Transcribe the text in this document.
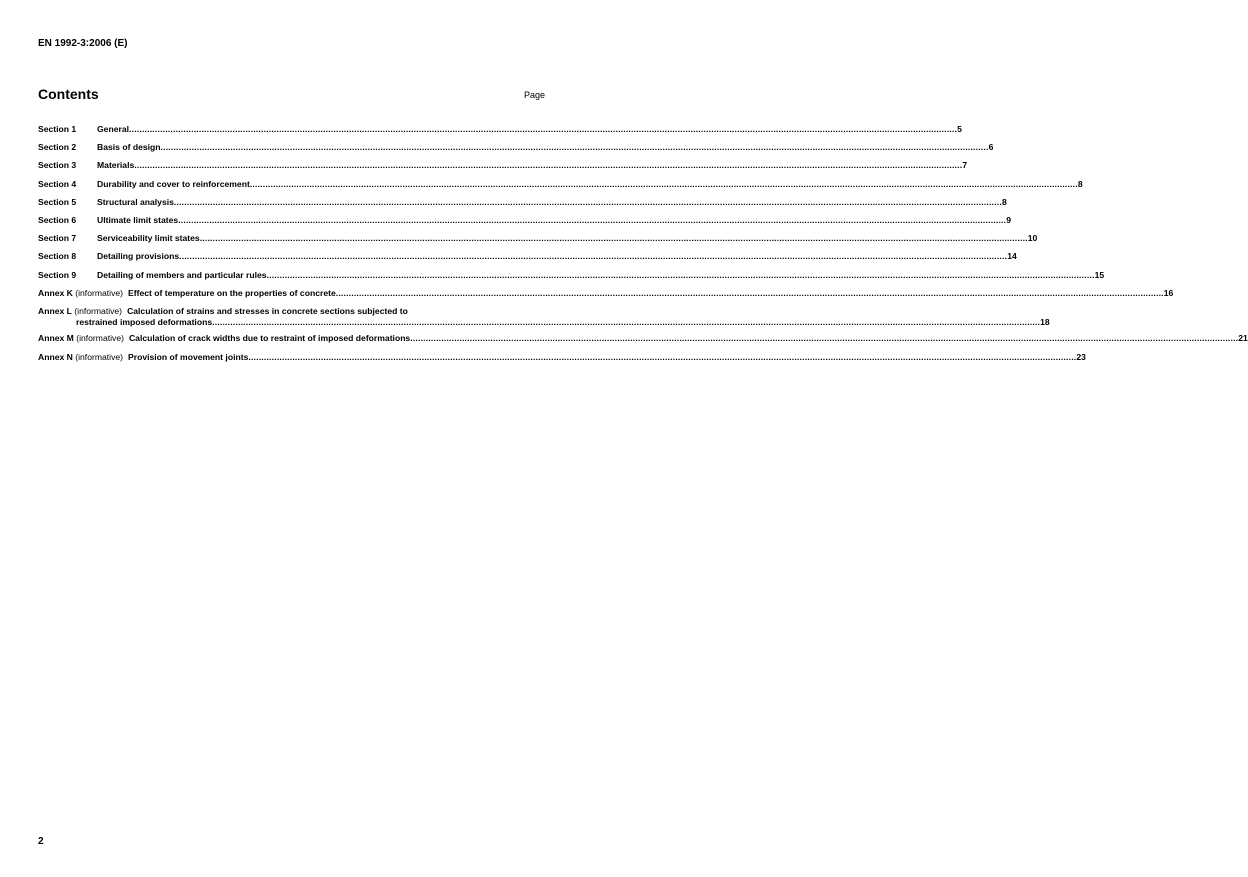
EN 1992-3:2006 (E)
Contents	Page
Section 1	General .....	5
Section 2	Basis of design .....	6
Section 3	Materials .....	7
Section 4	Durability and cover to reinforcement .....	8
Section 5	Structural analysis .....	8
Section 6	Ultimate limit states .....	9
Section 7	Serviceability limit states .....	10
Section 8	Detailing provisions .....	14
Section 9	Detailing of members and particular rules .....	15
Annex K (informative) Effect of temperature on the properties of concrete .....	16
Annex L (informative) Calculation of strains and stresses in concrete sections subjected to
restrained imposed deformations .....	18
Annex M (informative) Calculation of crack widths due to restraint of imposed deformations .....	21
Annex N (informative) Provision of movement joints .....	23
2
